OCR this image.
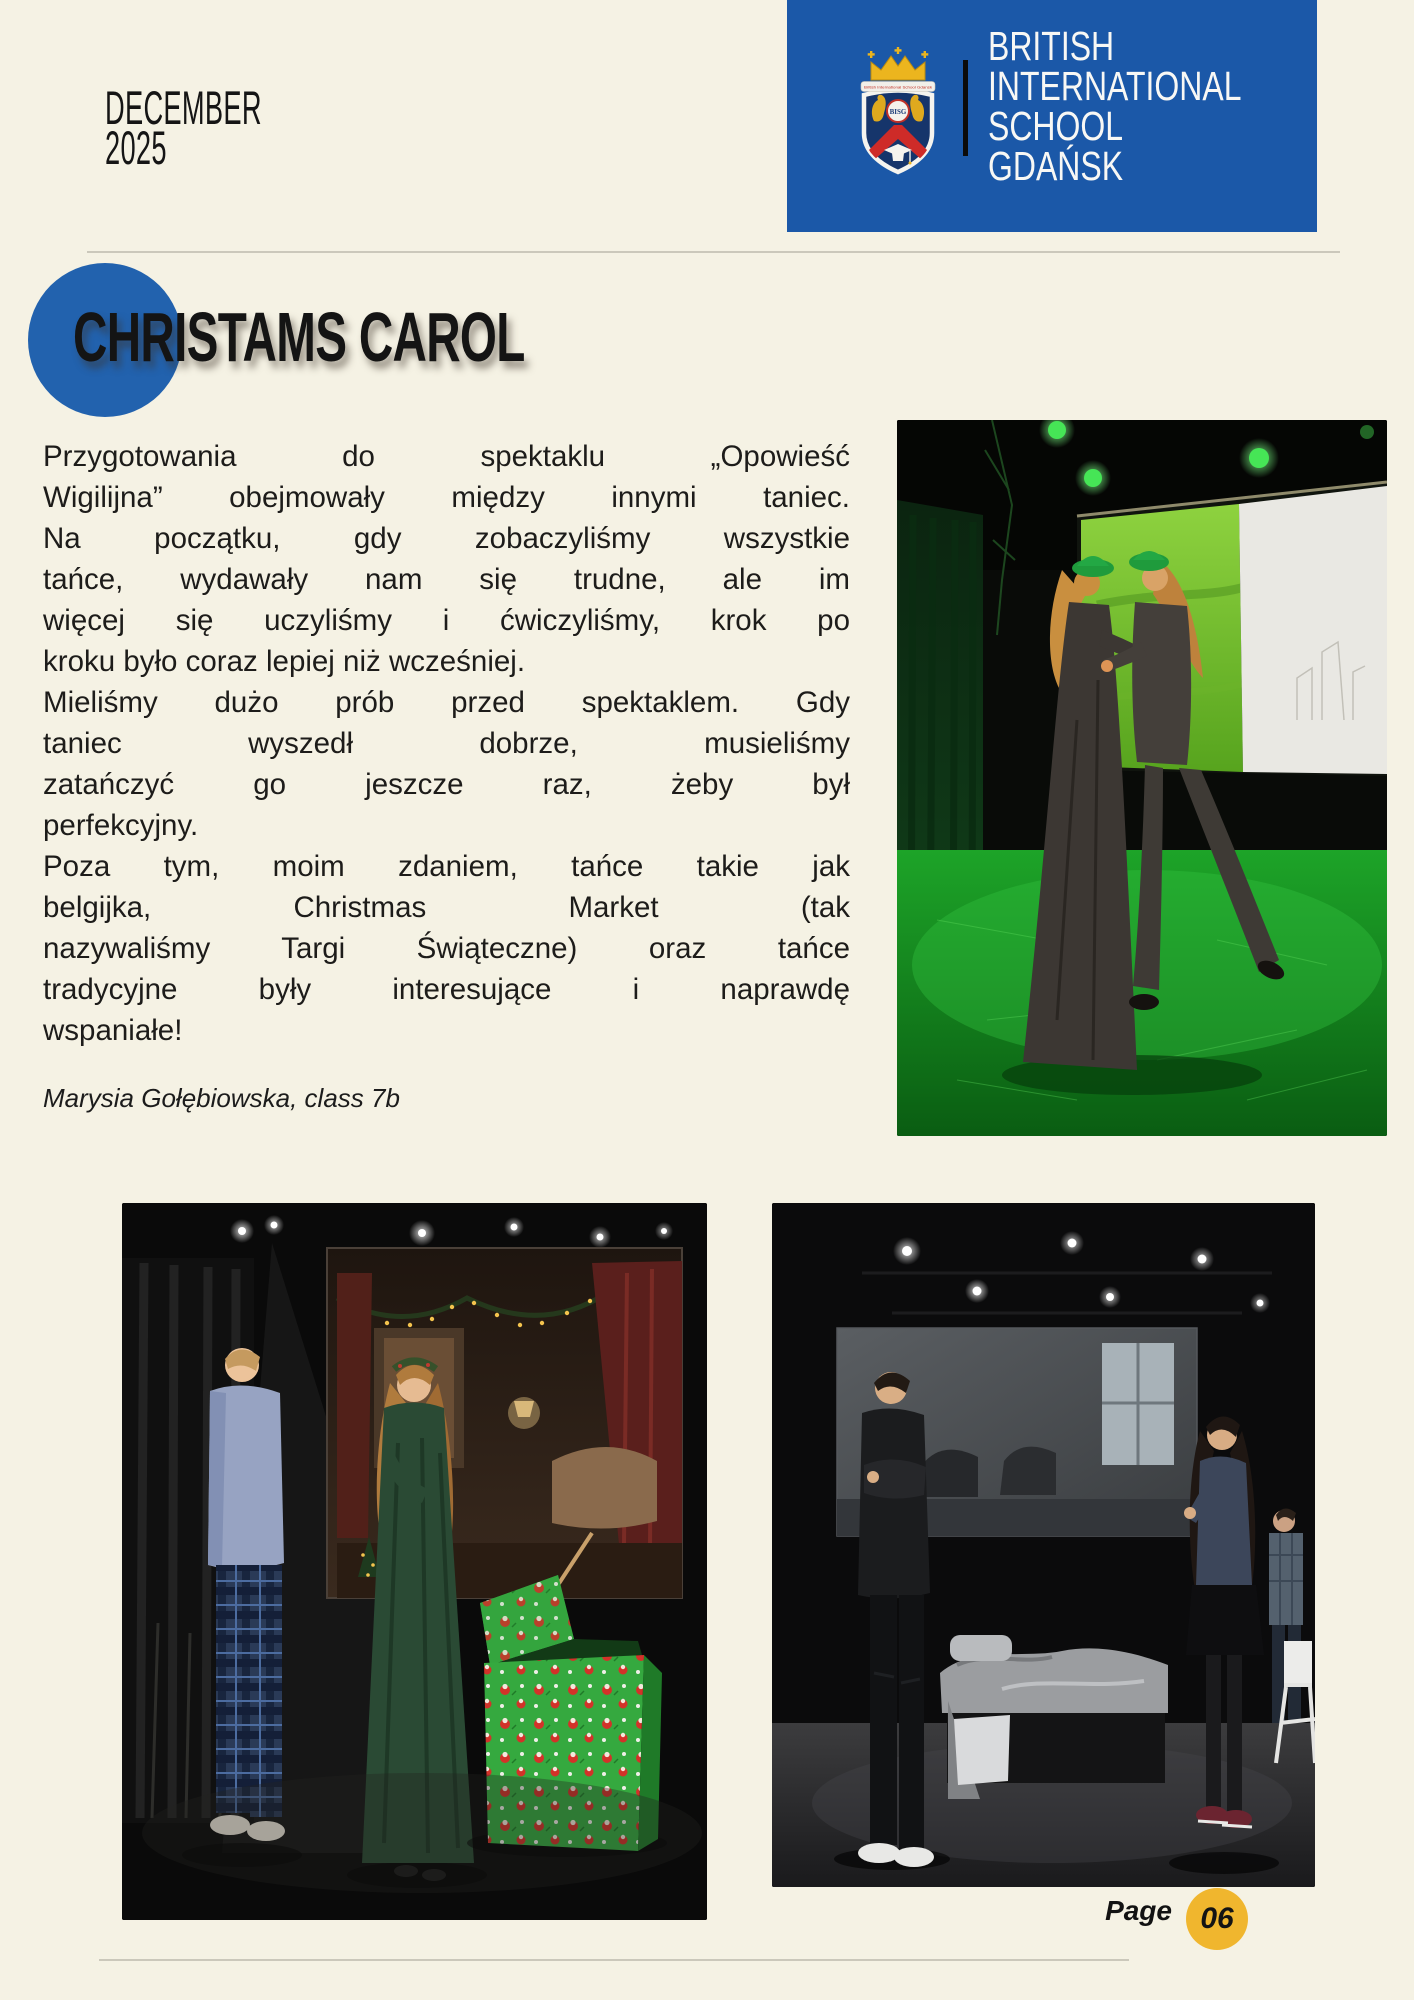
DECEMBER
2025
BISG
British International School Gdansk
BRITISH
INTERNATIONAL
SCHOOL
GDAŃSK
CHRISTAMS CAROL
Przygotowania do spektaklu „Opowieść
Wigilijna” obejmowały między innymi taniec.
Na początku, gdy zobaczyliśmy wszystkie
tańce, wydawały nam się trudne, ale im
więcej się uczyliśmy i ćwiczyliśmy, krok po
kroku było coraz lepiej niż wcześniej.
Mieliśmy dużo prób przed spektaklem. Gdy
taniec wyszedł dobrze, musieliśmy
zatańczyć go jeszcze raz, żeby był
perfekcyjny.
Poza tym, moim zdaniem, tańce takie jak
belgijka, Christmas Market (tak
nazywaliśmy Targi Świąteczne) oraz tańce
tradycyjne były interesujące i naprawdę
wspaniałe!
Marysia Gołębiowska, class 7b
Page 06
